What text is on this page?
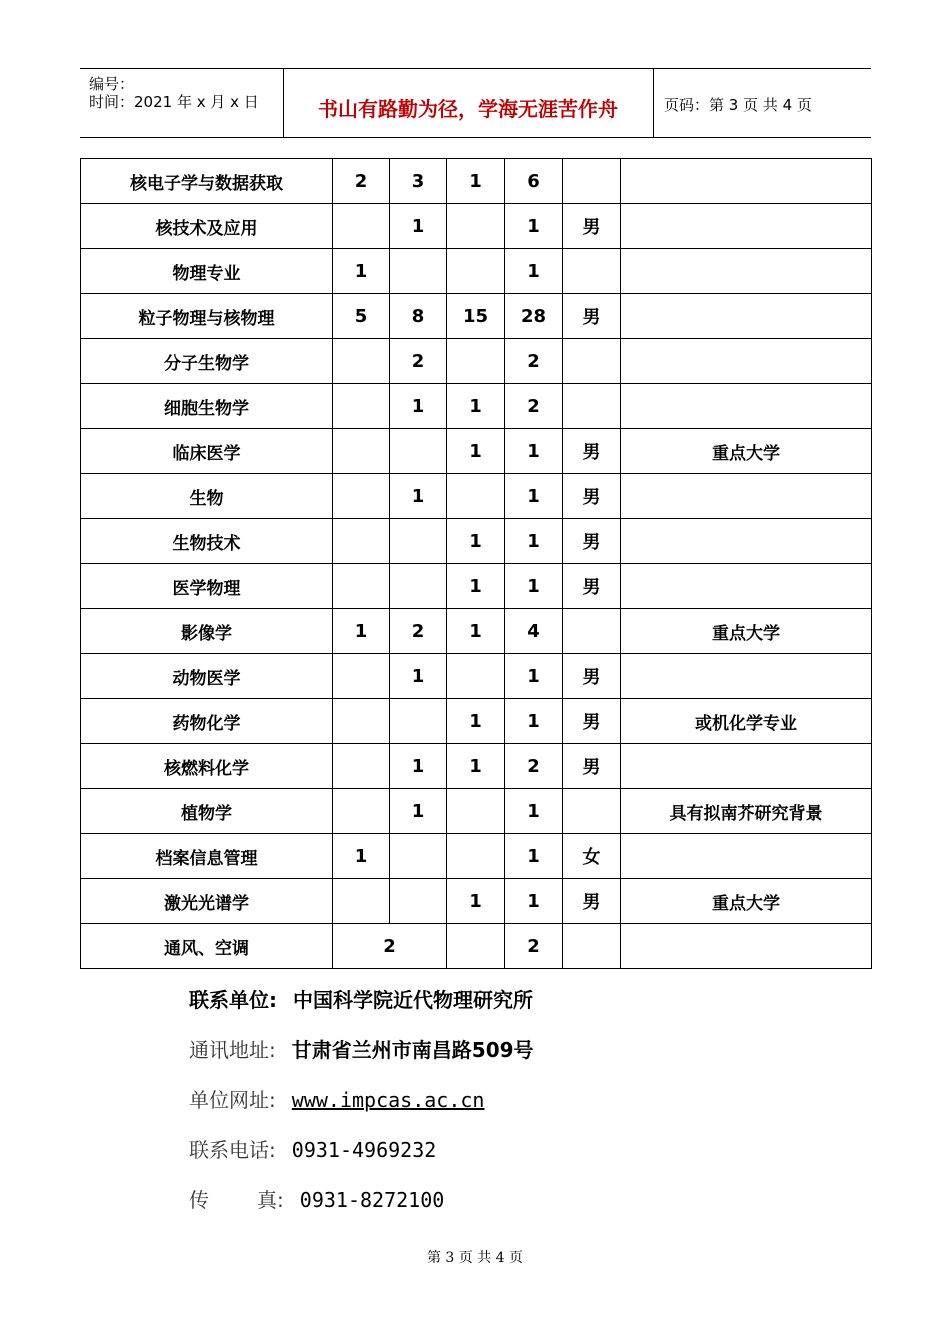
编号：
时间：2021 年 x 月 x 日	书山有路勤为径，学海无涯苦作舟	页码：第 3 页 共 4 页
核电子学与数据获取	2	3	1	6		
核技术及应用		1		1	男	
物理专业	1			1		
粒子物理与核物理	5	8	15	28	男	
分子生物学		2		2		
细胞生物学		1	1	2		
临床医学			1	1	男	重点大学
生物		1		1	男	
生物技术			1	1	男	
医学物理			1	1	男	
影像学	1	2	1	4		重点大学
动物医学		1		1	男	
药物化学			1	1	男	或机化学专业
核燃料化学		1	1	2	男	
植物学		1		1		具有拟南芥研究背景
档案信息管理	1			1	女	
激光光谱学			1	1	男	重点大学
通风、空调	2			2		
联系单位: 中国科学院近代物理研究所
通讯地址: 甘肃省兰州市南昌路509号
单位网址: www.impcas.ac.cn
联系电话: 0931-4969232
传 真: 0931-8272100
第 3 页 共 4 页
